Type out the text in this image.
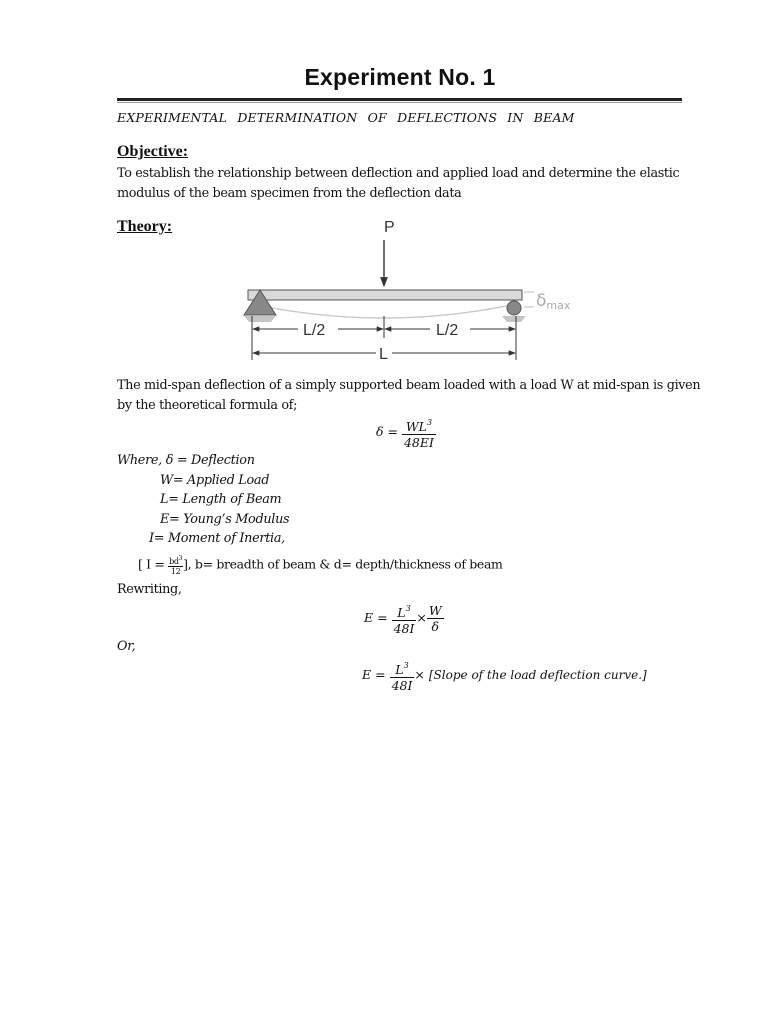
Experiment No. 1
EXPERIMENTAL DETERMINATION OF DEFLECTIONS IN BEAM
Objective:
To establish the relationship between deflection and applied load and determine the elastic
modulus of the beam specimen from the deflection data
Theory:	P
δmax
L/2	L/2
L
The mid-span deflection of a simply supported beam loaded with a load W at mid-span is given
by the theoretical formula of;
$\delta = \frac{WL^3}{48EI}$
Where, δ = Deflection
W= Applied Load
L= Length of Beam
E= Young’s Modulus
I= Moment of Inertia,
[ $I = \frac{bd^3}{12}$ ], b= breadth of beam & d= depth/thickness of beam
Rewriting,
$E = \frac{L^3}{48I} \times \frac{W}{\delta}$
Or,
$E = \frac{L^3}{48I}$ × [Slope of the load deflection curve.]
